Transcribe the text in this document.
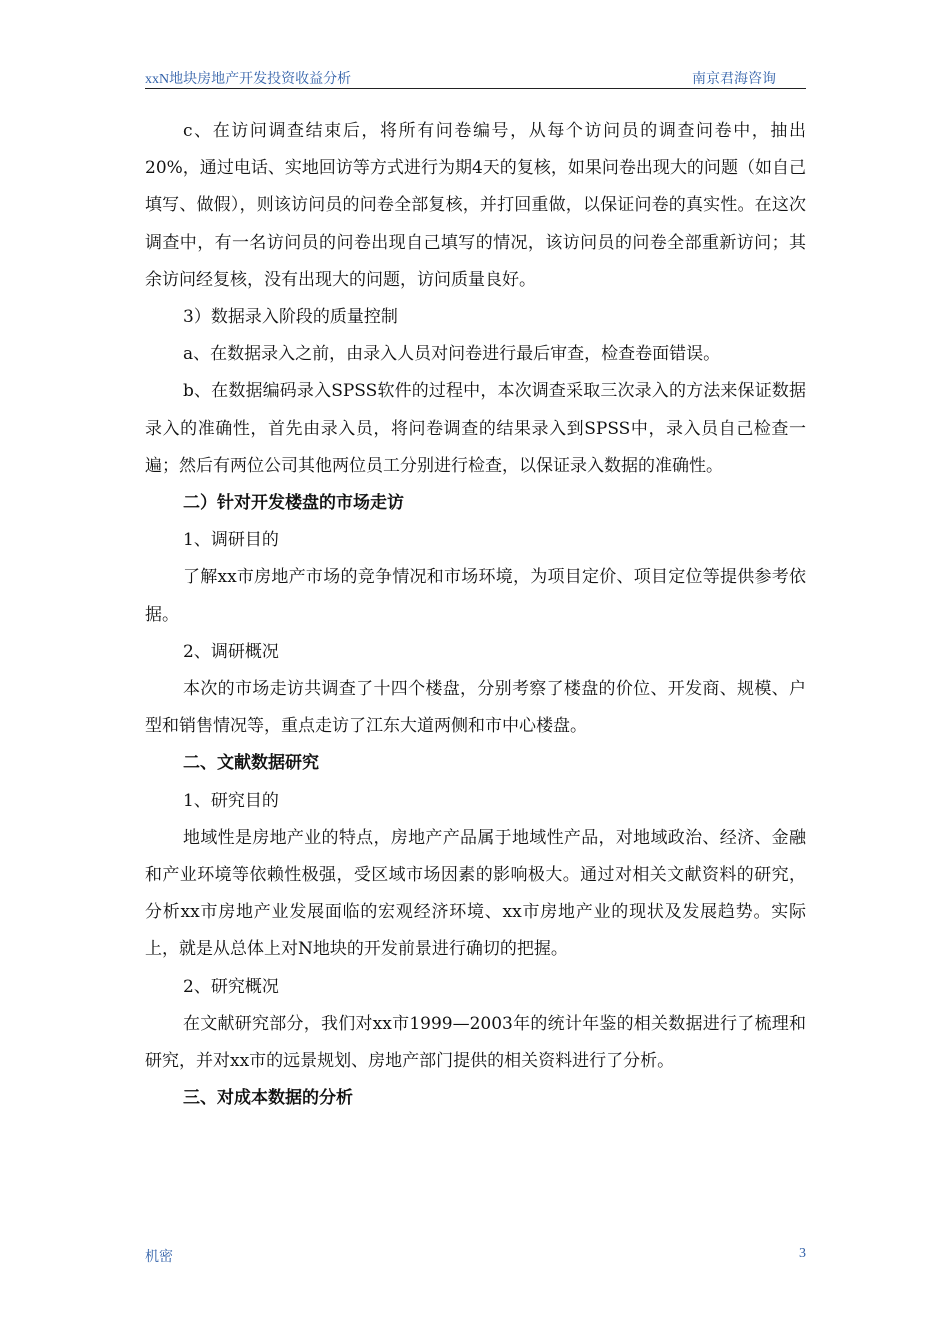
xxN地块房地产开发投资收益分析	南京君海咨询

c、在访问调查结束后，将所有问卷编号，从每个访问员的调查问卷中，抽出20%，通过电话、实地回访等方式进行为期4天的复核，如果问卷出现大的问题（如自己填写、做假），则该访问员的问卷全部复核，并打回重做，以保证问卷的真实性。在这次调查中，有一名访问员的问卷出现自己填写的情况，该访问员的问卷全部重新访问；其余访问经复核，没有出现大的问题，访问质量良好。

3）数据录入阶段的质量控制

a、在数据录入之前，由录入人员对问卷进行最后审查，检查卷面错误。

b、在数据编码录入SPSS软件的过程中，本次调查采取三次录入的方法来保证数据录入的准确性，首先由录入员，将问卷调查的结果录入到SPSS中，录入员自己检查一遍；然后有两位公司其他两位员工分别进行检查，以保证录入数据的准确性。

二）针对开发楼盘的市场走访

1、调研目的

了解xx市房地产市场的竞争情况和市场环境，为项目定价、项目定位等提供参考依据。

2、调研概况

本次的市场走访共调查了十四个楼盘，分别考察了楼盘的价位、开发商、规模、户型和销售情况等，重点走访了江东大道两侧和市中心楼盘。

二、文献数据研究

1、研究目的

地域性是房地产业的特点，房地产产品属于地域性产品，对地域政治、经济、金融和产业环境等依赖性极强，受区域市场因素的影响极大。通过对相关文献资料的研究，分析xx市房地产业发展面临的宏观经济环境、xx市房地产业的现状及发展趋势。实际上，就是从总体上对N地块的开发前景进行确切的把握。

2、研究概况

在文献研究部分，我们对xx市1999—2003年的统计年鉴的相关数据进行了梳理和研究，并对xx市的远景规划、房地产部门提供的相关资料进行了分析。

三、对成本数据的分析

机密	3
